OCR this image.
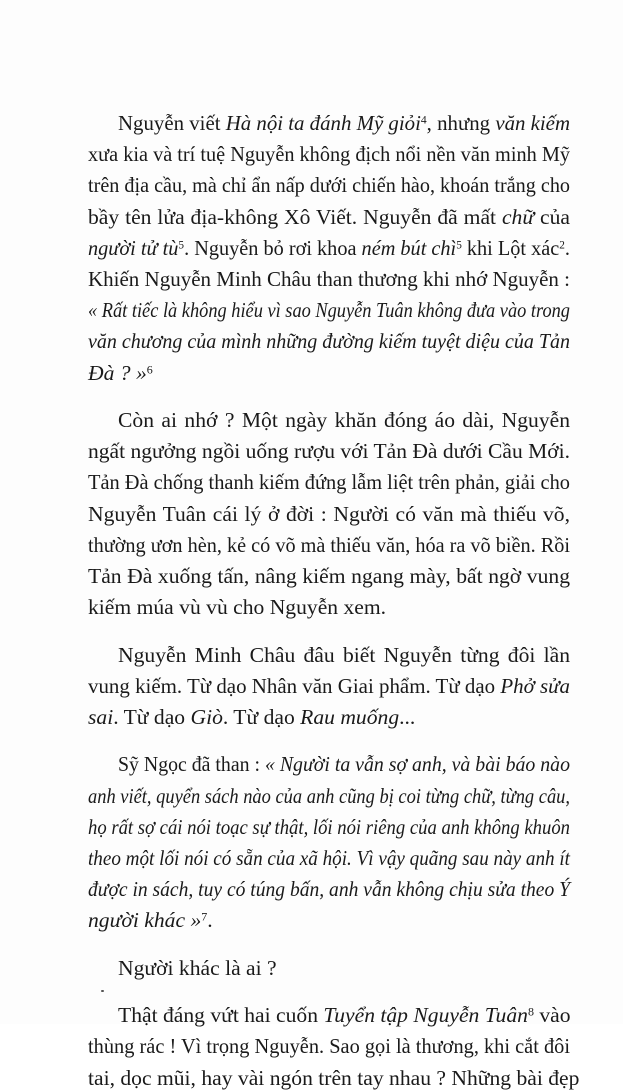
Nguyễn viết Hà nội ta đánh Mỹ giỏi$^4$, nhưng văn kiếm
xưa kia và trí tuệ Nguyễn không địch nổi nền văn minh Mỹ
trên địa cầu, mà chỉ ẩn nấp dưới chiến hào, khoán trắng cho
bầy tên lửa địa-không Xô Viết. Nguyễn đã mất chữ của
người tử $tù^5$. Nguyễn bỏ rơi khoa ném bút chì$^5$ khi Lột xác$^2$.
Khiến Nguyễn Minh Châu than thương khi nhớ Nguyễn :
« Rất tiếc là không hiểu vì sao Nguyễn Tuân không đưa vào trong
văn chương của mình những đường kiếm tuyệt diệu của Tản
Đà ? »$^6$
Còn ai nhớ ? Một ngày khăn đóng áo dài, Nguyễn
ngất ngưởng ngồi uống rượu với Tản Đà dưới Cầu Mới.
Tản Đà chống thanh kiếm đứng lẫm liệt trên phản, giải cho
Nguyễn Tuân cái lý ở đời : Người có văn mà thiếu võ,
thường ươn hèn, kẻ có võ mà thiếu văn, hóa ra võ biền. Rồi
Tản Đà xuống tấn, nâng kiếm ngang mày, bất ngờ vung
kiếm múa vù vù cho Nguyễn xem.
Nguyễn Minh Châu đâu biết Nguyễn từng đôi lần
vung kiếm. Từ dạo Nhân văn Giai phẩm. Từ dạo Phở sửa
sai. Từ dạo Giò. Từ dạo Rau muống...
Sỹ Ngọc đã than : « Người ta vẫn sợ anh, và bài báo nào
anh viết, quyển sách nào của anh cũng bị coi từng chữ, từng câu,
họ rất sợ cái nói toạc sự thật, lối nói riêng của anh không khuôn
theo một lối nói có sẵn của xã hội. Vì vậy quãng sau này anh ít
được in sách, tuy có túng bấn, anh vẫn không chịu sửa theo Ý
người khác »$^7$.
Người khác là ai ?
Thật đáng vứt hai cuốn Tuyển tập Nguyễn Tuân$^8$ vào
thùng rác ! Vì trọng Nguyễn. Sao gọi là thương, khi cắt đôi
tai, dọc mũi, hay vài ngón trên tay nhau ? Những bài đẹp
